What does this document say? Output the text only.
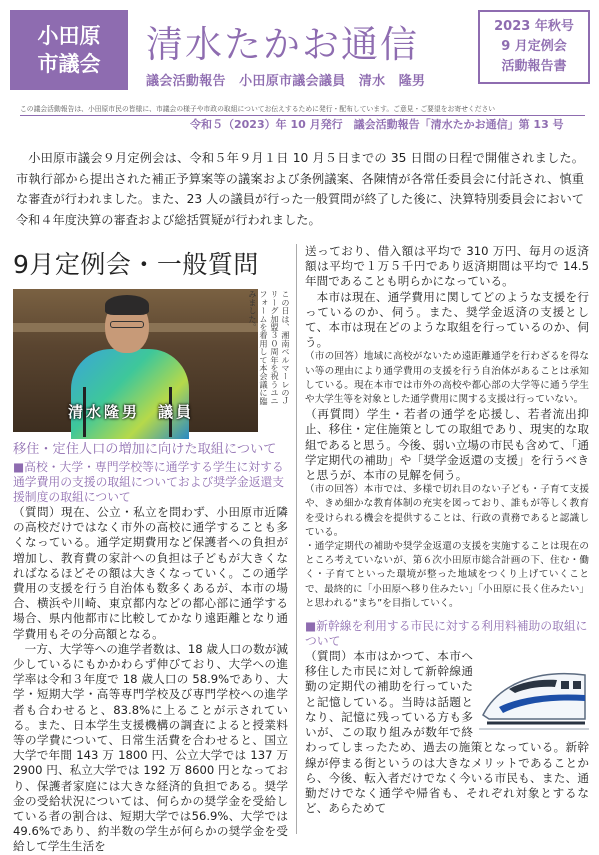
小田原
市議会 清水たかお通信
議会活動報告　小田原市議会議員　清水　隆男
2023 年秋号
9 月定例会
活動報告書
この議会活動報告は、小田原市民の皆様に、市議会の様子や市政の取組についてお伝えするために発行・配布しています。ご意見・ご要望をお寄せください
令和５（2023）年 10 月発行　議会活動報告「清水たかお通信」第 13 号
小田原市議会９月定例会は、令和５年９月１日 10 月５日までの 35 日間の日程で開催されました。市執行部から提出された補正予算案等の議案および条例議案、各陳情が各常任委員会に付託され、慎重な審査が行われました。また、23 人の議員が行った一般質問が終了した後に、決算特別委員会において令和４年度決算の審査および総括質疑が行われました。
9月定例会・一般質問
清水隆男　議員
この日は、湘南ベルマーレのＪリーグ加盟３０周年を祝うユニフォームを着用して本会議に臨みました。
移住・定住人口の増加に向けた取組について
■高校・大学・専門学校等に通学する学生に対する通学費用の支援の取組についておよび奨学金返還支援制度の取組について

（質問）現在、公立・私立を問わず、小田原市近隣の高校だけではなく市外の高校に通学することも多くなっている。通学定期費用など保護者への負担が増加し、教育費の家計への負担は子どもが大きくなればなるほどその額は大きくなっていく。この通学費用の支援を行う自治体も数多くあるが、本市の場合、横浜や川崎、東京都内などの都心部に通学する場合、県内他都市に比較してかなり遠距離となり通学費用もその分高額となる。

一方、大学等への進学者数は、18 歳人口の数が減少しているにもかかわらず伸びており、大学への進学率は令和３年度で 18 歳人口の 58.9%であり、大学・短期大学・高等専門学校及び専門学校への進学者も合わせると、83.8%に上ることが示されている。また、日本学生支援機構の調査によると授業料等の学費について、日常生活費を合わせると、国立大学で年間 143 万 1800 円、公立大学では 137 万 2900 円、私立大学では 192 万 8600 円となっており、保護者家庭には大きな経済的負担である。奨学金の受給状況については、何らかの奨学金を受給している者の割合は、短期大学では56.9%、大学では 49.6%であり、約半数の学生が何らかの奨学金を受給して学生生活を

送っており、借入額は平均で 310 万円、毎月の返済額は平均で１万５千円であり返済期間は平均で 14.5年間であることも明らかになっている。

本市は現在、通学費用に関してどのような支援を行っているのか、伺う。また、奨学金返済の支援として、本市は現在どのような取組を行っているのか、伺う。

（市の回答）地域に高校がないため遠距離通学を行わざるを得ない等の理由により通学費用の支援を行う自治体があることは承知している。現在本市では市外の高校や都心部の大学等に通う学生や大学生等を対象とした通学費用に関する支援は行っていない。

（再質問）学生・若者の通学を応援し、若者流出抑止、移住・定住施策としての取組であり、現実的な取組であると思う。今後、弱い立場の市民も含めて、「通学定期代の補助」や「奨学金返還の支援」を行うべきと思うが、本市の見解を伺う。

（市の回答）本市では、多様で切れ目のない子ども・子育て支援や、きめ細かな教育体制の充実を図っており、誰もが等しく教育を受けられる機会を提供することは、行政の責務であると認識している。

・通学定期代の補助や奨学金返還の支援を実施することは現在のところ考えていないが、第６次小田原市総合計画の下、住む・働く・子育てといった環境が整った地域をつくり上げていくことで、最終的に「小田原へ移り住みたい」「小田原に長く住みたい」と思われる“まち”を目指していく。

■新幹線を利用する市民に対する利用料補助の取組について

（質問）本市はかつて、本市へ移住した市民に対して新幹線通勤の定期代の補助を行っていたと記憶している。当時は話題となり、記憶に残っている方も多いが、この取り組みが数年で終わってしまったため、過去の施策となっている。新幹線が停まる街というのは大きなメリットであることから、今後、転入者だけでなく今いる市民も、また、通勤だけでなく通学や帰省も、それぞれ対象とするなど、あらためて
